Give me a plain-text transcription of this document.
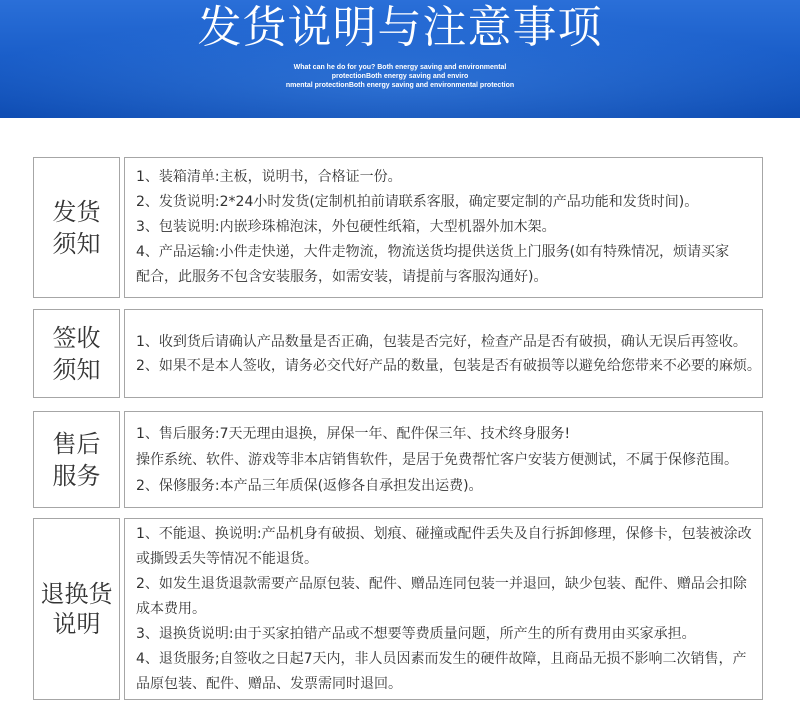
发货说明与注意事项
What can he do for you? Both energy saving and environmental
protectionBoth energy saving and enviro
nmental protectionBoth energy saving and environmental protection
发货
须知
1、装箱清单:主板，说明书，合格证一份。
2、发货说明:2*24小时发货(定制机拍前请联系客服，确定要定制的产品功能和发货时间)。
3、包装说明:内嵌珍珠棉泡沫，外包硬性纸箱，大型机器外加木架。
4、产品运输:小件走快递，大件走物流，物流送货均提供送货上门服务(如有特殊情况，烦请买家
配合，此服务不包含安装服务，如需安装，请提前与客服沟通好)。
签收
须知
1、收到货后请确认产品数量是否正确，包装是否完好，检查产品是否有破损，确认无误后再签收。
2、如果不是本人签收，请务必交代好产品的数量，包装是否有破损等以避免给您带来不必要的麻烦。
售后
服务
1、售后服务:7天无理由退换，屏保一年、配件保三年、技术终身服务!
操作系统、软件、游戏等非本店销售软件，是居于免费帮忙客户安装方便测试，不属于保修范围。
2、保修服务:本产品三年质保(返修各自承担发出运费)。
退换货
说明
1、不能退、换说明:产品机身有破损、划痕、碰撞或配件丢失及自行拆卸修理，保修卡，包装被涂改
或撕毁丢失等情况不能退货。
2、如发生退货退款需要产品原包装、配件、赠品连同包装一并退回，缺少包装、配件、赠品会扣除
成本费用。
3、退换货说明:由于买家拍错产品或不想要等费质量问题，所产生的所有费用由买家承担。
4、退货服务;自签收之日起7天内，非人员因素而发生的硬件故障，且商品无损不影响二次销售，产
品原包装、配件、赠品、发票需同时退回。
